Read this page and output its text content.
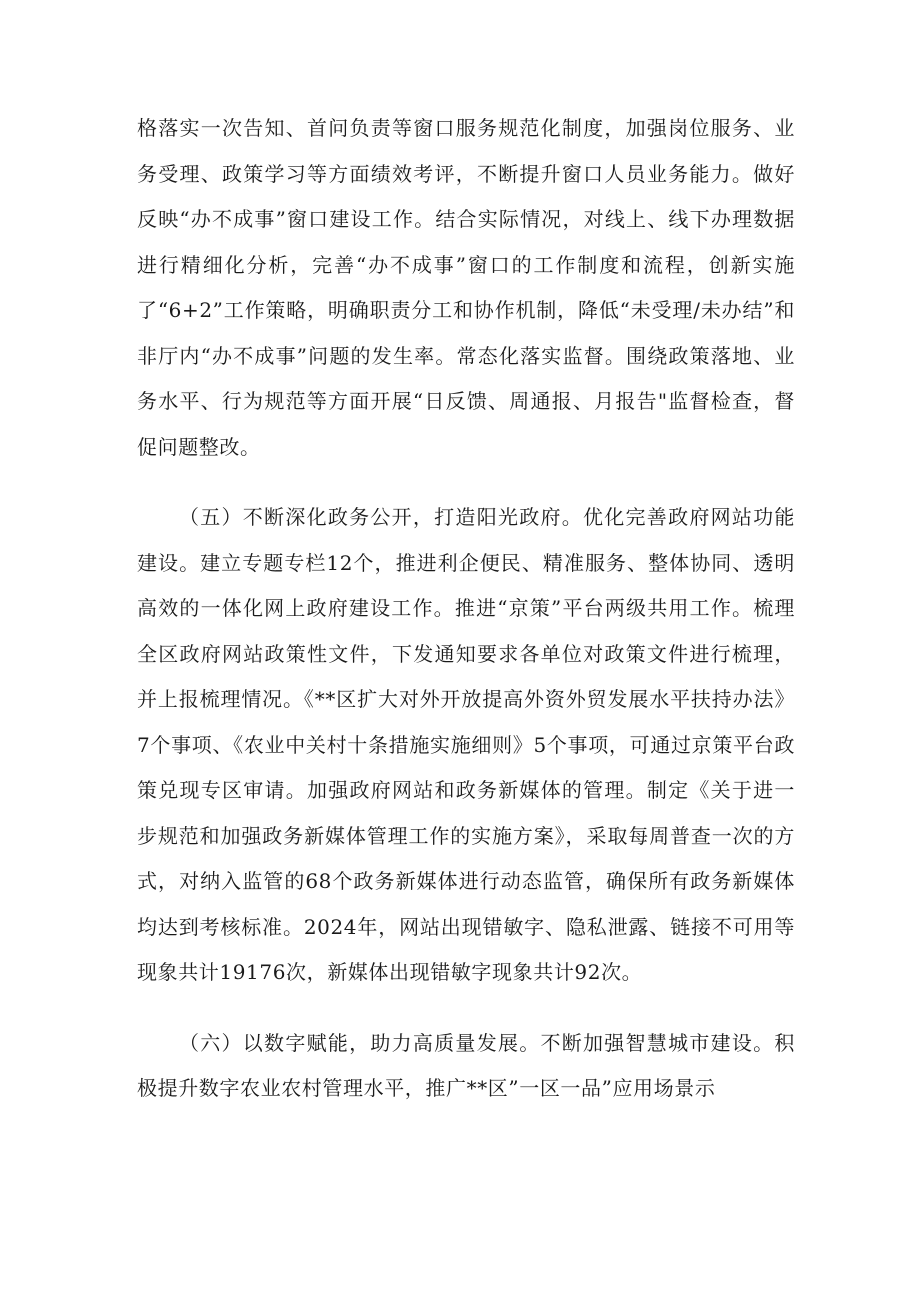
格落实一次告知、首问负责等窗口服务规范化制度，加强岗位服务、业务受理、政策学习等方面绩效考评，不断提升窗口人员业务能力。做好反映“办不成事”窗口建设工作。结合实际情况，对线上、线下办理数据进行精细化分析，完善“办不成事”窗口的工作制度和流程，创新实施了“6+2”工作策略，明确职责分工和协作机制，降低“未受理/未办结”和非厅内“办不成事”问题的发生率。常态化落实监督。围绕政策落地、业务水平、行为规范等方面开展“日反馈、周通报、月报告"监督检查，督促问题整改。

（五）不断深化政务公开，打造阳光政府。优化完善政府网站功能建设。建立专题专栏12个，推进利企便民、精准服务、整体协同、透明高效的一体化网上政府建设工作。推进“京策”平台两级共用工作。梳理全区政府网站政策性文件，下发通知要求各单位对政策文件进行梳理，并上报梳理情况。《**区扩大对外开放提高外资外贸发展水平扶持办法》7个事项、《农业中关村十条措施实施细则》5个事项，可通过京策平台政策兑现专区审请。加强政府网站和政务新媒体的管理。制定《关于进一步规范和加强政务新媒体管理工作的实施方案》，采取每周普查一次的方式，对纳入监管的68个政务新媒体进行动态监管，确保所有政务新媒体均达到考核标准。2024年，网站出现错敏字、隐私泄露、链接不可用等现象共计19176次，新媒体出现错敏字现象共计92次。

（六）以数字赋能，助力高质量发展。不断加强智慧城市建设。积极提升数字农业农村管理水平，推广**区”一区一品”应用场景示
